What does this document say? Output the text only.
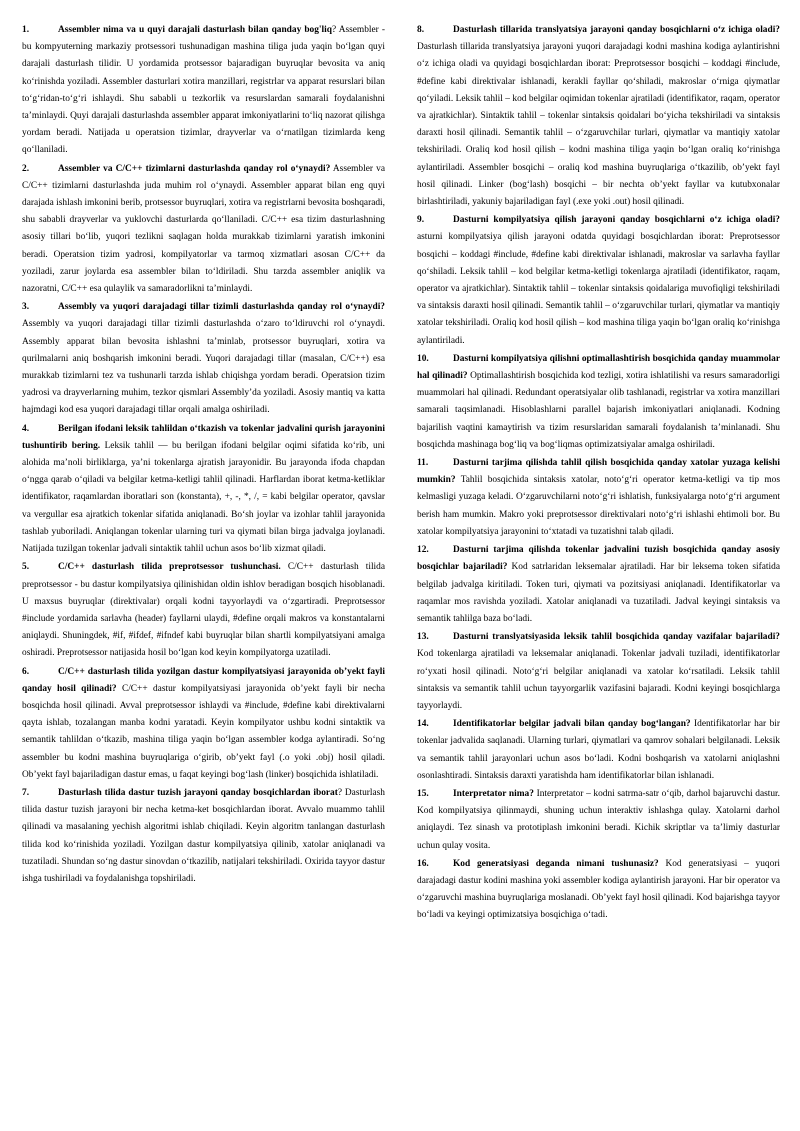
1.	Assembler nima va u quyi darajali dasturlash bilan qanday bog'liq? Assembler - bu kompyuterning markaziy protsessori tushunadigan mashina tiliga juda yaqin boʻlgan quyi darajali dasturlash tilidir. U yordamida protsessor bajaradigan buyruqlar bevosita va aniq koʻrinishda yoziladi. Assembler dasturlari xotira manzillari, registrlar va apparat resurslari bilan toʻgʻridan-toʻgʻri ishlaydi. Shu sababli u tezkorlik va resurslardan samarali foydalanishni taʼminlaydi. Quyi darajali dasturlashda assembler apparat imkoniyatlarini toʻliq nazorat qilishga yordam beradi. Natijada u operatsion tizimlar, drayverlar va oʻrnatilgan tizimlarda keng qoʻllaniladi.

2.	Assembler va C/C++ tizimlarni dasturlashda qanday rol oʻynaydi? Assembler va C/C++ tizimlarni dasturlashda juda muhim rol oʻynaydi. Assembler apparat bilan eng quyi darajada ishlash imkonini berib, protsessor buyruqlari, xotira va registrlarni bevosita boshqaradi, shu sababli drayverlar va yuklovchi dasturlarda qoʻllaniladi. C/C++ esa tizim dasturlashning asosiy tillari boʻlib, yuqori tezlikni saqlagan holda murakkab tizimlarni yaratish imkonini beradi. Operatsion tizim yadrosi, kompilyatorlar va tarmoq xizmatlari asosan C/C++ da yoziladi, zarur joylarda esa assembler bilan toʻldiriladi. Shu tarzda assembler aniqlik va nazoratni, C/C++ esa qulaylik va samaradorlikni taʼminlaydi.

3.	Assembly va yuqori darajadagi tillar tizimli dasturlashda qanday rol oʻynaydi? Assembly va yuqori darajadagi tillar tizimli dasturlashda oʻzaro toʻldiruvchi rol oʻynaydi. Assembly apparat bilan bevosita ishlashni taʼminlab, protsessor buyruqlari, xotira va qurilmalarni aniq boshqarish imkonini beradi. Yuqori darajadagi tillar (masalan, C/C++) esa murakkab tizimlarni tez va tushunarli tarzda ishlab chiqishga yordam beradi. Operatsion tizim yadrosi va drayverlarning muhim, tezkor qismlari Assembly’da yoziladi. Asosiy mantiq va katta hajmdagi kod esa yuqori darajadagi tillar orqali amalga oshiriladi.

4.	Berilgan ifodani leksik tahlildan oʻtkazish va tokenlar jadvalini qurish jarayonini tushuntirib bering. Leksik tahlil — bu berilgan ifodani belgilar oqimi sifatida koʻrib, uni alohida maʼnoli birliklarga, yaʼni tokenlarga ajratish jarayonidir. Bu jarayonda ifoda chapdan oʻngga qarab oʻqiladi va belgilar ketma-ketligi tahlil qilinadi. Harflardan iborat ketma-ketliklar identifikator, raqamlardan iboratlari son (konstanta), +, -, *, /, = kabi belgilar operator, qavslar va vergullar esa ajratkich tokenlar sifatida aniqlanadi. Boʻsh joylar va izohlar tahlil jarayonida tashlab yuboriladi. Aniqlangan tokenlar ularning turi va qiymati bilan birga jadvalga joylanadi. Natijada tuzilgan tokenlar jadvali sintaktik tahlil uchun asos boʻlib xizmat qiladi.

5.	C/C++ dasturlash tilida preprotsessor tushunchasi. C/C++ dasturlash tilida preprotsessor - bu dastur kompilyatsiya qilinishidan oldin ishlov beradigan bosqich hisoblanadi. U maxsus buyruqlar (direktivalar) orqali kodni tayyorlaydi va oʻzgartiradi. Preprotsessor #include yordamida sarlavha (header) fayllarni ulaydi, #define orqali makros va konstantalarni aniqlaydi. Shuningdek, #if, #ifdef, #ifndef kabi buyruqlar bilan shartli kompilyatsiyani amalga oshiradi. Preprotsessor natijasida hosil boʻlgan kod keyin kompilyatorga uzatiladi.

6.	C/C++ dasturlash tilida yozilgan dastur kompilyatsiyasi jarayonida obʼyekt fayli qanday hosil qilinadi? C/C++ dastur kompilyatsiyasi jarayonida obʼyekt fayli bir necha bosqichda hosil qilinadi. Avval preprotsessor ishlaydi va #include, #define kabi direktivalarni qayta ishlab, tozalangan manba kodni yaratadi. Keyin kompilyator ushbu kodni sintaktik va semantik tahlildan oʻtkazib, mashina tiliga yaqin boʻlgan assembler kodga aylantiradi. Soʻng assembler bu kodni mashina buyruqlariga oʻgirib, obʼyekt fayl (.o yoki .obj) hosil qiladi. Obʼyekt fayl bajariladigan dastur emas, u faqat keyingi bogʻlash (linker) bosqichida ishlatiladi.

7.	Dasturlash tilida dastur tuzish jarayoni qanday bosqichlardan iborat? Dasturlash tilida dastur tuzish jarayoni bir necha ketma-ket bosqichlardan iborat. Avvalo muammo tahlil qilinadi va masalaning yechish algoritmi ishlab chiqiladi. Keyin algoritm tanlangan dasturlash tilida kod koʻrinishida yoziladi. Yozilgan dastur kompilyatsiya qilinib, xatolar aniqlanadi va tuzatiladi. Shundan soʻng dastur sinovdan oʻtkazilib, natijalari tekshiriladi. Oxirida tayyor dastur ishga tushiriladi va foydalanishga topshiriladi.

8.	Dasturlash tillarida translyatsiya jarayoni qanday bosqichlarni oʻz ichiga oladi? Dasturlash tillarida translyatsiya jarayoni yuqori darajadagi kodni mashina kodiga aylantirishni oʻz ichiga oladi va quyidagi bosqichlardan iborat: Preprotsessor bosqichi – koddagi #include, #define kabi direktivalar ishlanadi, kerakli fayllar qoʻshiladi, makroslar oʻrniga qiymatlar qoʻyiladi. Leksik tahlil – kod belgilar oqimidan tokenlar ajratiladi (identifikator, raqam, operator va ajratkichlar). Sintaktik tahlil – tokenlar sintaksis qoidalari boʻyicha tekshiriladi va sintaksis daraxti hosil qilinadi. Semantik tahlil – oʻzgaruvchilar turlari, qiymatlar va mantiqiy xatolar tekshiriladi. Oraliq kod hosil qilish – kodni mashina tiliga yaqin boʻlgan oraliq koʻrinishga aylantiriladi. Assembler bosqichi – oraliq kod mashina buyruqlariga oʻtkazilib, obʼyekt fayl hosil qilinadi. Linker (bogʻlash) bosqichi – bir nechta obʼyekt fayllar va kutubxonalar birlashtiriladi, yakuniy bajariladigan fayl (.exe yoki .out) hosil qilinadi.

9.	Dasturni kompilyatsiya qilish jarayoni qanday bosqichlarni oʻz ichiga oladi? asturni kompilyatsiya qilish jarayoni odatda quyidagi bosqichlardan iborat: Preprotsessor bosqichi – koddagi #include, #define kabi direktivalar ishlanadi, makroslar va sarlavha fayllar qoʻshiladi. Leksik tahlil – kod belgilar ketma-ketligi tokenlarga ajratiladi (identifikator, raqam, operator va ajratkichlar). Sintaktik tahlil – tokenlar sintaksis qoidalariga muvofiqligi tekshiriladi va sintaksis daraxti hosil qilinadi. Semantik tahlil – oʻzgaruvchilar turlari, qiymatlar va mantiqiy xatolar tekshiriladi. Oraliq kod hosil qilish – kod mashina tiliga yaqin boʻlgan oraliq koʻrinishga aylantiriladi.

10.	Dasturni kompilyatsiya qilishni optimallashtirish bosqichida qanday muammolar hal qilinadi? Optimallashtirish bosqichida kod tezligi, xotira ishlatilishi va resurs samaradorligi muammolari hal qilinadi. Redundant operatsiyalar olib tashlanadi, registrlar va xotira manzillari samarali taqsimlanadi. Hisoblashlarni parallel bajarish imkoniyatlari aniqlanadi. Kodning bajarilish vaqtini kamaytirish va tizim resurslaridan samarali foydalanish taʼminlanadi. Shu bosqichda mashinaga bogʻliq va bogʻliqmas optimizatsiyalar amalga oshiriladi.

11.	Dasturni tarjima qilishda tahlil qilish bosqichida qanday xatolar yuzaga kelishi mumkin? Tahlil bosqichida sintaksis xatolar, notoʻgʻri operator ketma-ketligi va tip mos kelmasligi yuzaga keladi. Oʻzgaruvchilarni notoʻgʻri ishlatish, funksiyalarga notoʻgʻri argument berish ham mumkin. Makro yoki preprotsessor direktivalari notoʻgʻri ishlashi ehtimoli bor. Bu xatolar kompilyatsiya jarayonini toʻxtatadi va tuzatishni talab qiladi.

12.	Dasturni tarjima qilishda tokenlar jadvalini tuzish bosqichida qanday asosiy bosqichlar bajariladi? Kod satrlaridan leksemalar ajratiladi. Har bir leksema token sifatida belgilab jadvalga kiritiladi. Token turi, qiymati va pozitsiyasi aniqlanadi. Identifikatorlar va raqamlar mos ravishda yoziladi. Xatolar aniqlanadi va tuzatiladi. Jadval keyingi sintaksis va semantik tahlilga baza boʻladi.

13.	Dasturni translyatsiyasida leksik tahlil bosqichida qanday vazifalar bajariladi? Kod tokenlarga ajratiladi va leksemalar aniqlanadi. Tokenlar jadvali tuziladi, identifikatorlar roʻyxati hosil qilinadi. Notoʻgʻri belgilar aniqlanadi va xatolar koʻrsatiladi. Leksik tahlil sintaksis va semantik tahlil uchun tayyorgarlik vazifasini bajaradi. Kodni keyingi bosqichlarga tayyorlaydi.

14.	Identifikatorlar belgilar jadvali bilan qanday bogʻlangan? Identifikatorlar har bir tokenlar jadvalida saqlanadi. Ularning turlari, qiymatlari va qamrov sohalari belgilanadi. Leksik va semantik tahlil jarayonlari uchun asos boʻladi. Kodni boshqarish va xatolarni aniqlashni osonlashtiradi. Sintaksis daraxti yaratishda ham identifikatorlar bilan ishlanadi.

15.	Interpretator nima? Interpretator – kodni satrma-satr oʻqib, darhol bajaruvchi dastur. Kod kompilyatsiya qilinmaydi, shuning uchun interaktiv ishlashga qulay. Xatolarni darhol aniqlaydi. Tez sinash va prototiplash imkonini beradi. Kichik skriptlar va taʼlimiy dasturlar uchun qulay vosita.

16.	Kod generatsiyasi deganda nimani tushunasiz? Kod generatsiyasi – yuqori darajadagi dastur kodini mashina yoki assembler kodiga aylantirish jarayoni. Har bir operator va oʻzgaruvchi mashina buyruqlariga moslanadi. Obʼyekt fayl hosil qilinadi. Kod bajarishga tayyor boʻladi va keyingi optimizatsiya bosqichiga oʻtadi.
